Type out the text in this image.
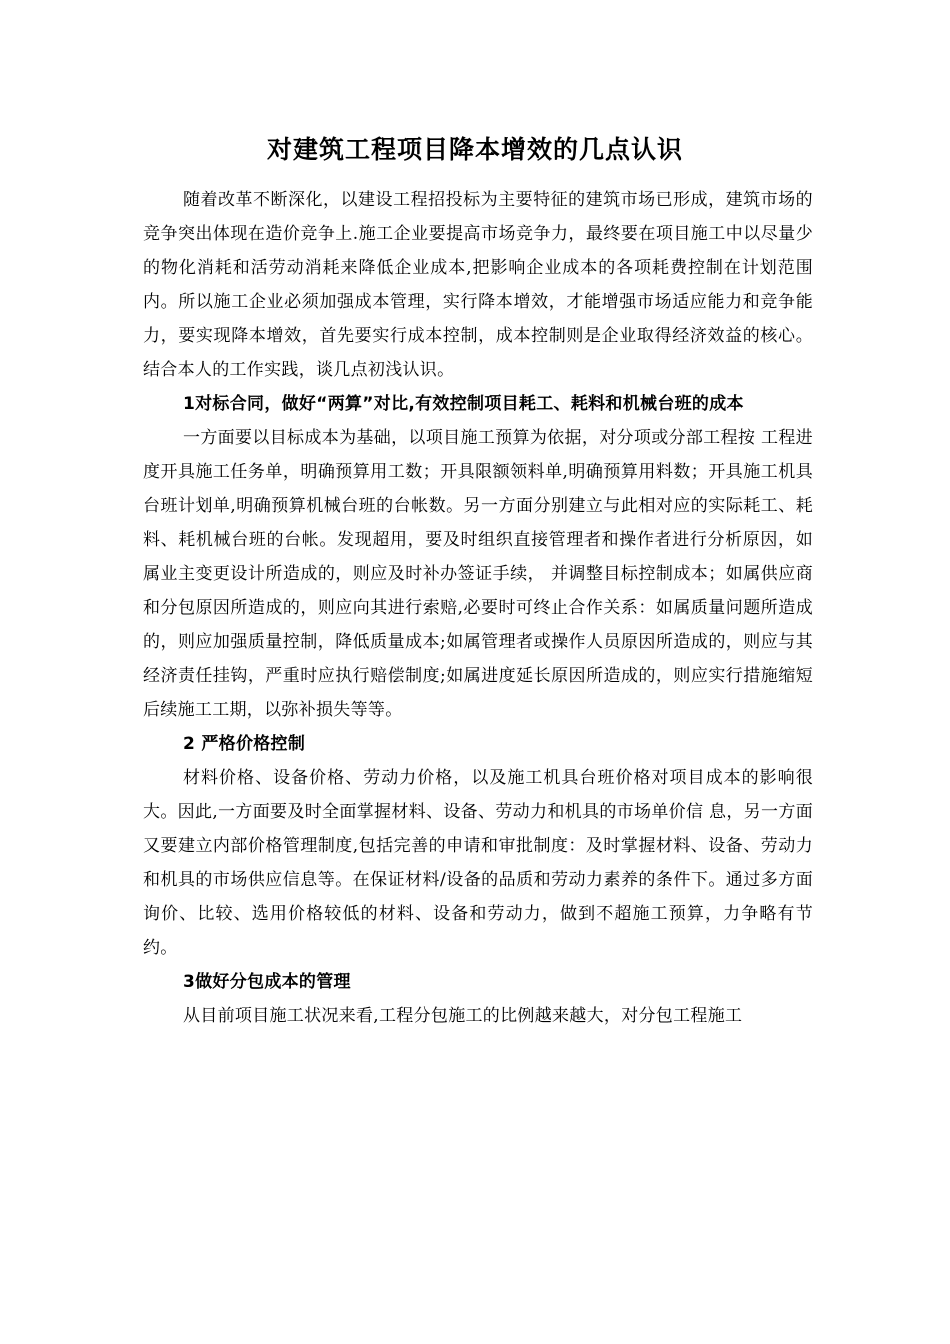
对建筑工程项目降本增效的几点认识

随着改革不断深化，以建设工程招投标为主要特征的建筑市场已形成，建筑市场的竞争突出体现在造价竞争上.施工企业要提高市场竞争力，最终要在项目施工中以尽量少的物化消耗和活劳动消耗来降低企业成本,把影响企业成本的各项耗费控制在计划范围内。所以施工企业必须加强成本管理，实行降本增效，才能增强市场适应能力和竞争能力，要实现降本增效，首先要实行成本控制，成本控制则是企业取得经济效益的核心。结合本人的工作实践，谈几点初浅认识。

1对标合同，做好“两算”对比,有效控制项目耗工、耗料和机械台班的成本

一方面要以目标成本为基础，以项目施工预算为依据，对分项或分部工程按 工程进度开具施工任务单，明确预算用工数；开具限额领料单,明确预算用料数；开具施工机具台班计划单,明确预算机械台班的台帐数。另一方面分别建立与此相对应的实际耗工、耗料、耗机械台班的台帐。发现超用，要及时组织直接管理者和操作者进行分析原因，如属业主变更设计所造成的，则应及时补办签证手续， 并调整目标控制成本；如属供应商和分包原因所造成的，则应向其进行索赔,必要时可终止合作关系：如属质量问题所造成的，则应加强质量控制，降低质量成本;如属管理者或操作人员原因所造成的，则应与其经济责任挂钩，严重时应执行赔偿制度;如属进度延长原因所造成的，则应实行措施缩短后续施工工期，以弥补损失等等。

2 严格价格控制

材料价格、设备价格、劳动力价格，以及施工机具台班价格对项目成本的影响很大。因此,一方面要及时全面掌握材料、设备、劳动力和机具的市场单价信 息，另一方面又要建立内部价格管理制度,包括完善的申请和审批制度：及时掌握材料、设备、劳动力和机具的市场供应信息等。在保证材料/设备的品质和劳动力素养的条件下。通过多方面询价、比较、选用价格较低的材料、设备和劳动力，做到不超施工预算，力争略有节约。

3做好分包成本的管理

从目前项目施工状况来看,工程分包施工的比例越来越大，对分包工程施工
